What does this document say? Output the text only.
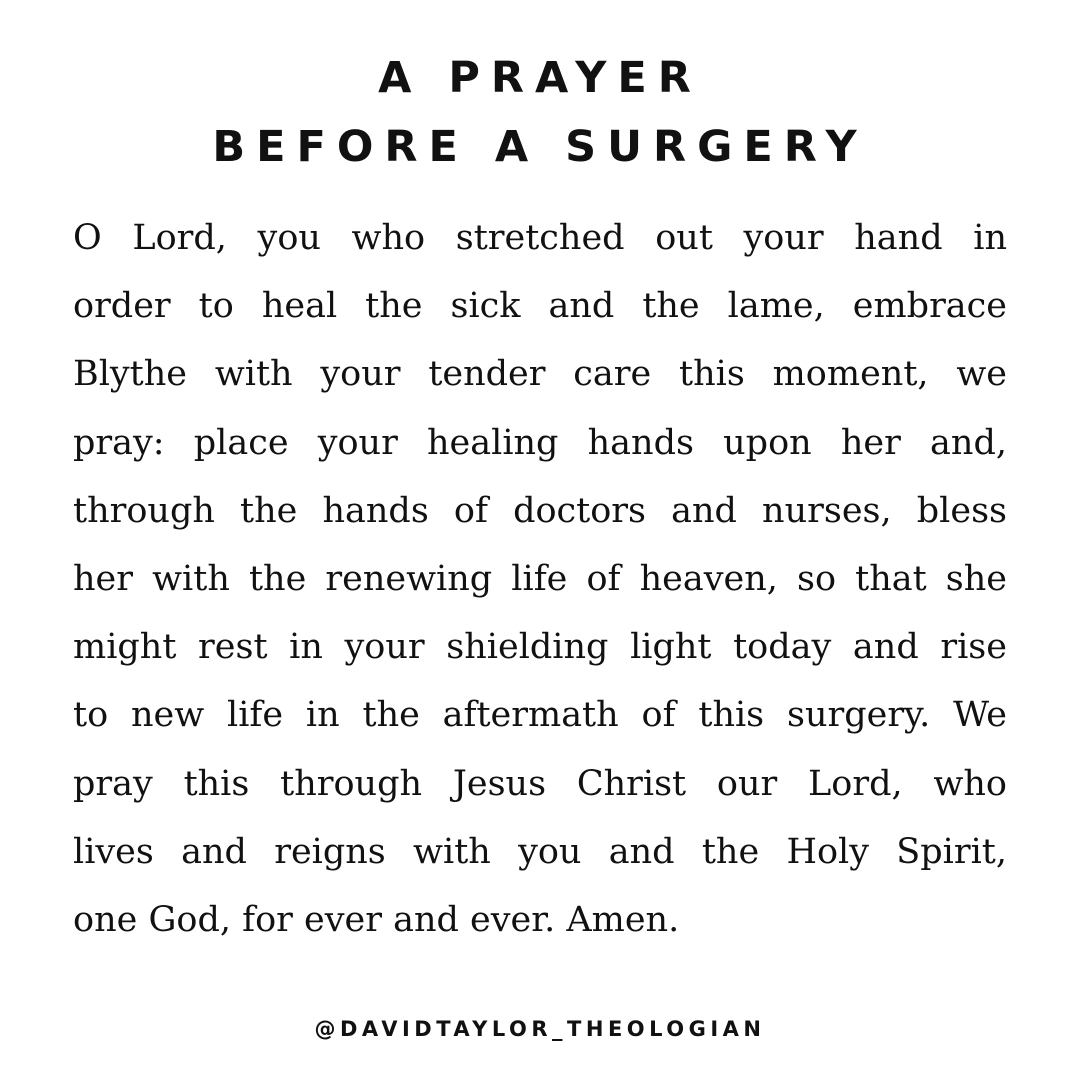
A PRAYER
BEFORE A SURGERY
O Lord, you who stretched out your hand in
order to heal the sick and the lame, embrace
Blythe with your tender care this moment, we
pray: place your healing hands upon her and,
through the hands of doctors and nurses, bless
her with the renewing life of heaven, so that she
might rest in your shielding light today and rise
to new life in the aftermath of this surgery. We
pray this through Jesus Christ our Lord, who
lives and reigns with you and the Holy Spirit,
one God, for ever and ever. Amen.

@DAVIDTAYLOR_THEOLOGIAN
